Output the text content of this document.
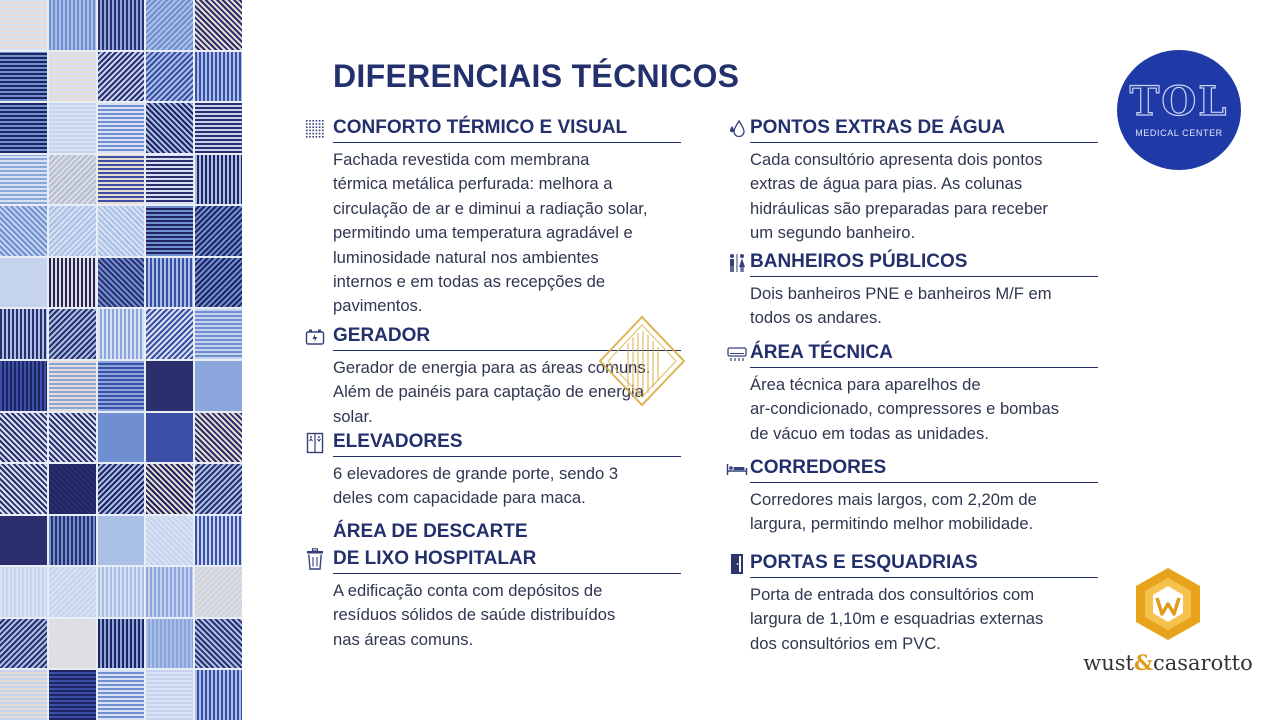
DIFERENCIAIS TÉCNICOS
CONFORTO TÉRMICO E VISUAL
Fachada revestida com membrana
térmica metálica perfurada: melhora a
circulação de ar e diminui a radiação solar,
permitindo uma temperatura agradável e
luminosidade natural nos ambientes
internos e em todas as recepções de
pavimentos.
GERADOR
Gerador de energia para as áreas comuns.
Além de painéis para captação de energia
solar.
ELEVADORES
6 elevadores de grande porte, sendo 3
deles com capacidade para maca.
ÁREA DE DESCARTE
DE LIXO HOSPITALAR
A edificação conta com depósitos de
resíduos sólidos de saúde distribuídos
nas áreas comuns.
PONTOS EXTRAS DE ÁGUA
Cada consultório apresenta dois pontos
extras de água para pias. As colunas
hidráulicas são preparadas para receber
um segundo banheiro.
BANHEIROS PÚBLICOS
Dois banheiros PNE e banheiros M/F em
todos os andares.
ÁREA TÉCNICA
Área técnica para aparelhos de
ar-condicionado, compressores e bombas
de vácuo em todas as unidades.
CORREDORES
Corredores mais largos, com 2,20m de
largura, permitindo melhor mobilidade.
PORTAS E ESQUADRIAS
Porta de entrada dos consultórios com
largura de 1,10m e esquadrias externas
dos consultórios em PVC.
TOL
MEDICAL CENTER
wust&casarotto
